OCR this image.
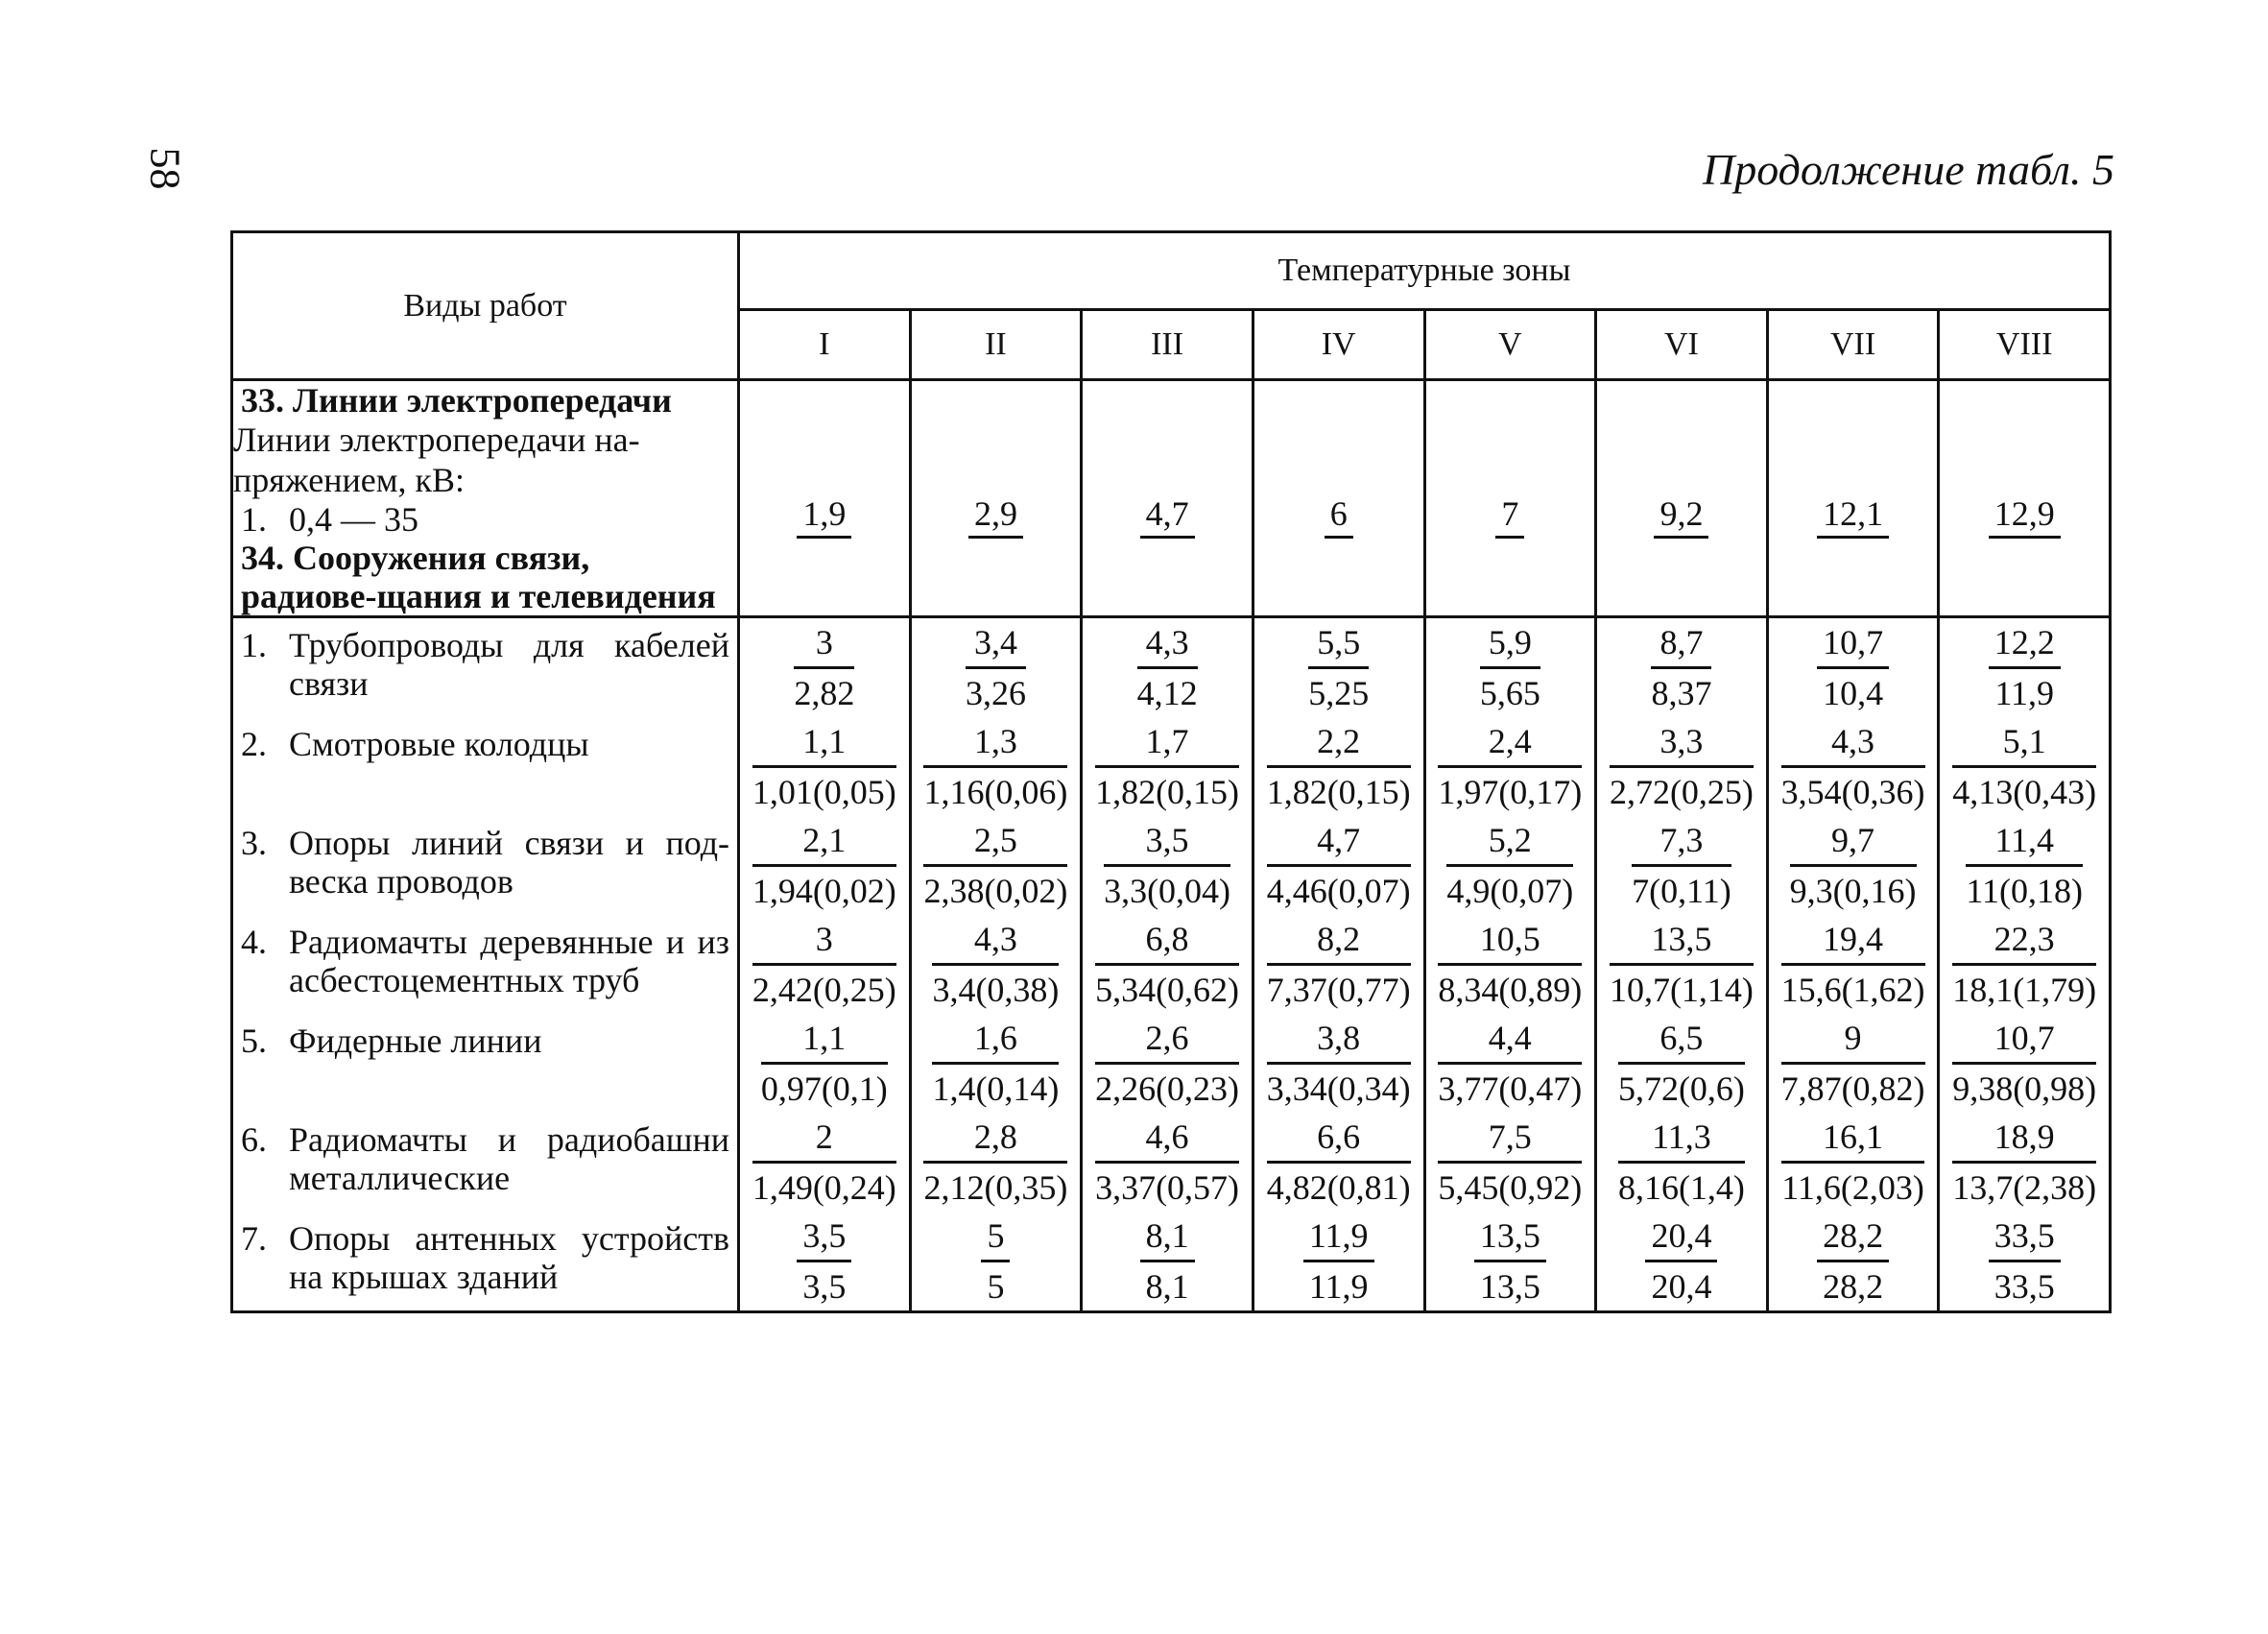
58	Продолжение табл. 5
Виды работ	Температурные зоны							
	I	II	III	IV	V	VI	VII	VIII

33. Линии электропередачи
Линии электропередачи на-пряжением, кВ:
1. 0,4 — 35	1,9	2,9	4,7	6	7	9,2	12,1	12,9

34. Сооружения связи, радиове-щания и телевидения								

1. Трубопроводы для кабелей связи	$\frac{3}{2,82}$	$\frac{3,4}{3,26}$	$\frac{4,3}{4,12}$	$\frac{5,5}{5,25}$	$\frac{5,9}{5,65}$	$\frac{8,7}{8,37}$	$\frac{10,7}{10,4}$	$\frac{12,2}{11,9}$

2. Смотровые колодцы	$\frac{1,1}{1,01(0,05)}$	$\frac{1,3}{1,16(0,06)}$	$\frac{1,7}{1,82(0,15)}$	$\frac{2,2}{1,82(0,15)}$	$\frac{2,4}{1,97(0,17)}$	$\frac{3,3}{2,72(0,25)}$	$\frac{4,3}{3,54(0,36)}$	$\frac{5,1}{4,13(0,43)}$

3. Опоры линий связи и под-веска проводов	$\frac{2,1}{1,94(0,02)}$	$\frac{2,5}{2,38(0,02)}$	$\frac{3,5}{3,3(0,04)}$	$\frac{4,7}{4,46(0,07)}$	$\frac{5,2}{4,9(0,07)}$	$\frac{7,3}{7(0,11)}$	$\frac{9,7}{9,3(0,16)}$	$\frac{11,4}{11(0,18)}$

4. Радиомачты деревянные и из асбестоцементных труб	$\frac{3}{2,42(0,25)}$	$\frac{4,3}{3,4(0,38)}$	$\frac{6,8}{5,34(0,62)}$	$\frac{8,2}{7,37(0,77)}$	$\frac{10,5}{8,34(0,89)}$	$\frac{13,5}{10,7(1,14)}$	$\frac{19,4}{15,6(1,62)}$	$\frac{22,3}{18,1(1,79)}$

5. Фидерные линии	$\frac{1,1}{0,97(0,1)}$	$\frac{1,6}{1,4(0,14)}$	$\frac{2,6}{2,26(0,23)}$	$\frac{3,8}{3,34(0,34)}$	$\frac{4,4}{3,77(0,47)}$	$\frac{6,5}{5,72(0,6)}$	$\frac{9}{7,87(0,82)}$	$\frac{10,7}{9,38(0,98)}$

6. Радиомачты и радиобашни металлические	$\frac{2}{1,49(0,24)}$	$\frac{2,8}{2,12(0,35)}$	$\frac{4,6}{3,37(0,57)}$	$\frac{6,6}{4,82(0,81)}$	$\frac{7,5}{5,45(0,92)}$	$\frac{11,3}{8,16(1,4)}$	$\frac{16,1}{11,6(2,03)}$	$\frac{18,9}{13,7(2,38)}$

7. Опоры антенных устройств на крышах зданий	$\frac{3,5}{3,5}$	$\frac{5}{5}$	$\frac{8,1}{8,1}$	$\frac{11,9}{11,9}$	$\frac{13,5}{13,5}$	$\frac{20,4}{20,4}$	$\frac{28,2}{28,2}$	$\frac{33,5}{33,5}$
